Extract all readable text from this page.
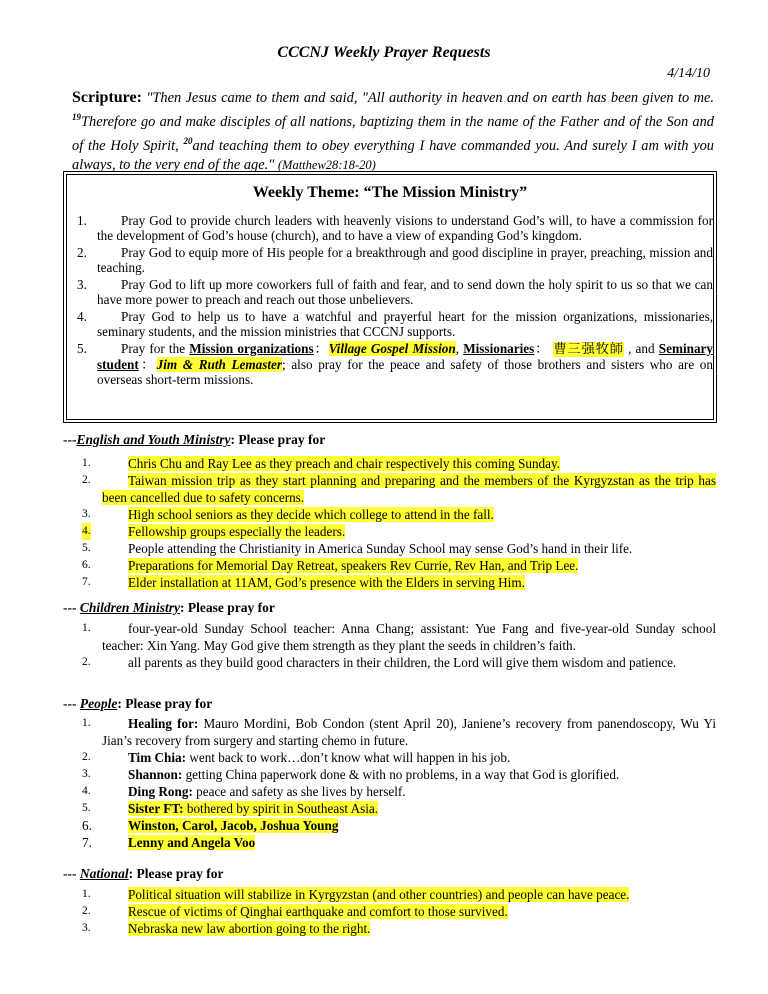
CCCNJ Weekly Prayer Requests
4/14/10
Scripture: "Then Jesus came to them and said, "All authority in heaven and on earth has been given to me. $^{19}$Therefore go and make disciples of all nations, baptizing them in the name of the Father and of the Son and of the Holy Spirit, $^{20}$and teaching them to obey everything I have commanded you. And surely I am with you always, to the very end of the age." (Matthew28:18-20)
Weekly Theme: “The Mission Ministry”
1.	Pray God to provide church leaders with heavenly visions to understand God’s will, to have a commission for the development of God’s house (church), and to have a view of expanding God’s kingdom.
2.	Pray God to equip more of His people for a breakthrough and good discipline in prayer, preaching, mission and teaching.
3.	Pray God to lift up more coworkers full of faith and fear, and to send down the holy spirit to us so that we can have more power to preach and reach out those unbelievers.
4.	Pray God to help us to have a watchful and prayerful heart for the mission organizations, missionaries, seminary students, and the mission ministries that CCCNJ supports.
5.	Pray for the Mission organizations：Village Gospel Mission, Missionaries： 曹三强牧師 , and Seminary student：Jim & Ruth Lemaster; also pray for the peace and safety of those brothers and sisters who are on overseas short-term missions.
---English and Youth Ministry: Please pray for
1.	Chris Chu and Ray Lee as they preach and chair respectively this coming Sunday.
2.	Taiwan mission trip as they start planning and preparing and the members of the Kyrgyzstan as the trip has been cancelled due to safety concerns.
3.	High school seniors as they decide which college to attend in the fall.
4.	Fellowship groups especially the leaders.
5.	People attending the Christianity in America Sunday School may sense God’s hand in their life.
6.	Preparations for Memorial Day Retreat, speakers Rev Currie, Rev Han, and Trip Lee.
7.	Elder installation at 11AM, God’s presence with the Elders in serving Him.
--- Children Ministry: Please pray for
1.	four-year-old Sunday School teacher: Anna Chang; assistant: Yue Fang and five-year-old Sunday school teacher: Xin Yang. May God give them strength as they plant the seeds in children’s faith.
2.	all parents as they build good characters in their children, the Lord will give them wisdom and patience.
--- People: Please pray for
1.	Healing for: Mauro Mordini, Bob Condon (stent April 20), Janiene’s recovery from panendoscopy, Wu Yi Jian’s recovery from surgery and starting chemo in future.
2.	Tim Chia: went back to work…don’t know what will happen in his job.
3.	Shannon: getting China paperwork done & with no problems, in a way that God is glorified.
4.	Ding Rong: peace and safety as she lives by herself.
5.	Sister FT: bothered by spirit in Southeast Asia.
6.	Winston, Carol, Jacob, Joshua Young
7.	Lenny and Angela Voo
--- National: Please pray for
1.	Political situation will stabilize in Kyrgyzstan (and other countries) and people can have peace.
2.	Rescue of victims of Qinghai earthquake and comfort to those survived.
3.	Nebraska new law abortion going to the right.
